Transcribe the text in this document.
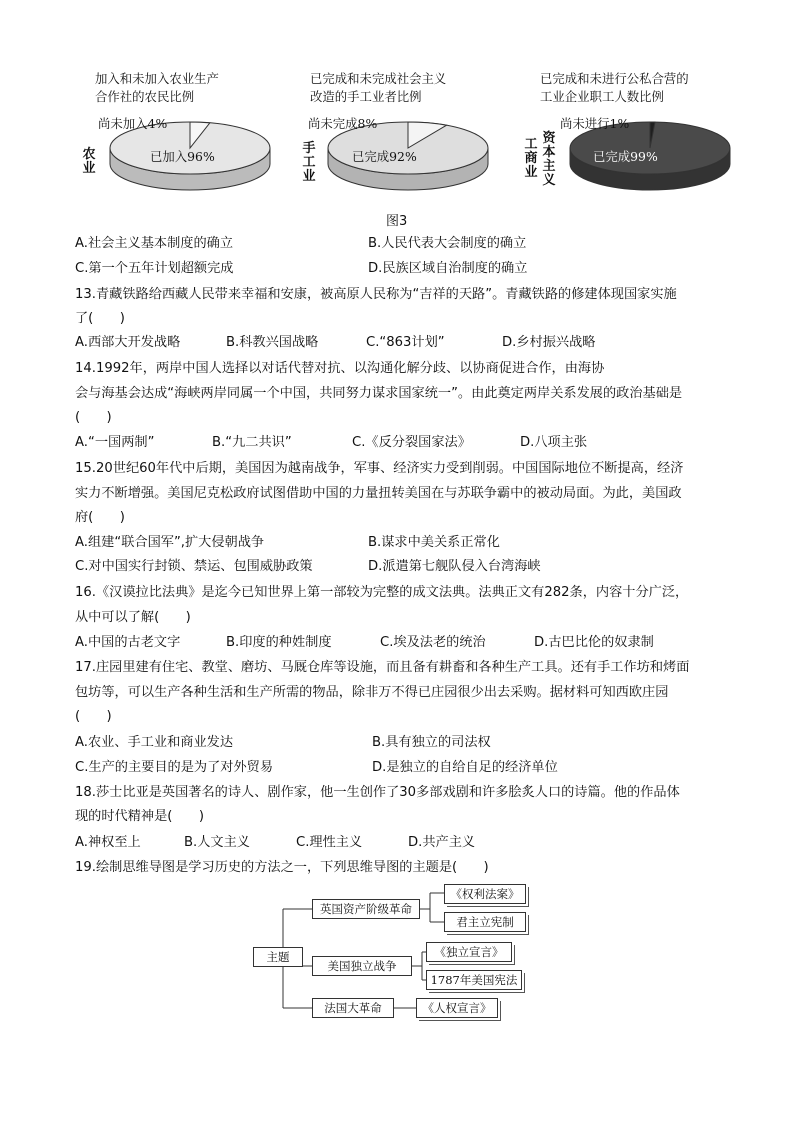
加入和未加入农业生产
合作社的农民比例
农业
尚未加入4%
已加入96%
已完成和未完成社会主义
改造的手工业者比例
手工业
尚未完成8%
已完成92%
已完成和未进行公私合营的
工业企业职工人数比例
工商业
资本主义
尚未进行1%
已完成99%
图3
A.社会主义基本制度的确立	B.人民代表大会制度的确立
C.第一个五年计划超额完成	D.民族区域自治制度的确立
13.青藏铁路给西藏人民带来幸福和安康，被高原人民称为“吉祥的天路”。青藏铁路的修建体现国家实施
了(　　)
A.西部大开发战略	B.科教兴国战略	C.“863计划”	D.乡村振兴战略
14.1992年，两岸中国人选择以对话代替对抗、以沟通化解分歧、以协商促进合作，由海协
会与海基会达成“海峡两岸同属一个中国，共同努力谋求国家统一”。由此奠定两岸关系发展的政治基础是
(　　)
A.“一国两制”	B.“九二共识”	C.《反分裂国家法》	D.八项主张
15.20世纪60年代中后期，美国因为越南战争，军事、经济实力受到削弱。中国国际地位不断提高，经济
实力不断增强。美国尼克松政府试图借助中国的力量扭转美国在与苏联争霸中的被动局面。为此，美国政
府(　　)
A.组建“联合国军”,扩大侵朝战争	B.谋求中美关系正常化
C.对中国实行封锁、禁运、包围威胁政策	D.派遣第七舰队侵入台湾海峡
16.《汉谟拉比法典》是迄今已知世界上第一部较为完整的成文法典。法典正文有282条，内容十分广泛，
从中可以了解(　　)
A.中国的古老文字	B.印度的种姓制度	C.埃及法老的统治	D.古巴比伦的奴隶制
17.庄园里建有住宅、教堂、磨坊、马厩仓库等设施，而且备有耕畜和各种生产工具。还有手工作坊和烤面
包坊等，可以生产各种生活和生产所需的物品，除非万不得已庄园很少出去采购。据材料可知西欧庄园
(　　)
A.农业、手工业和商业发达	B.具有独立的司法权
C.生产的主要目的是为了对外贸易	D.是独立的自给自足的经济单位
18.莎士比亚是英国著名的诗人、剧作家，他一生创作了30多部戏剧和许多脍炙人口的诗篇。他的作品体
现的时代精神是(　　)
A.神权至上	B.人文主义	C.理性主义	D.共产主义
19.绘制思维导图是学习历史的方法之一，下列思维导图的主题是(　　)
主题
英国资产阶级革命
《权利法案》
君主立宪制
美国独立战争
《独立宣言》
1787年美国宪法
法国大革命	《人权宣言》
